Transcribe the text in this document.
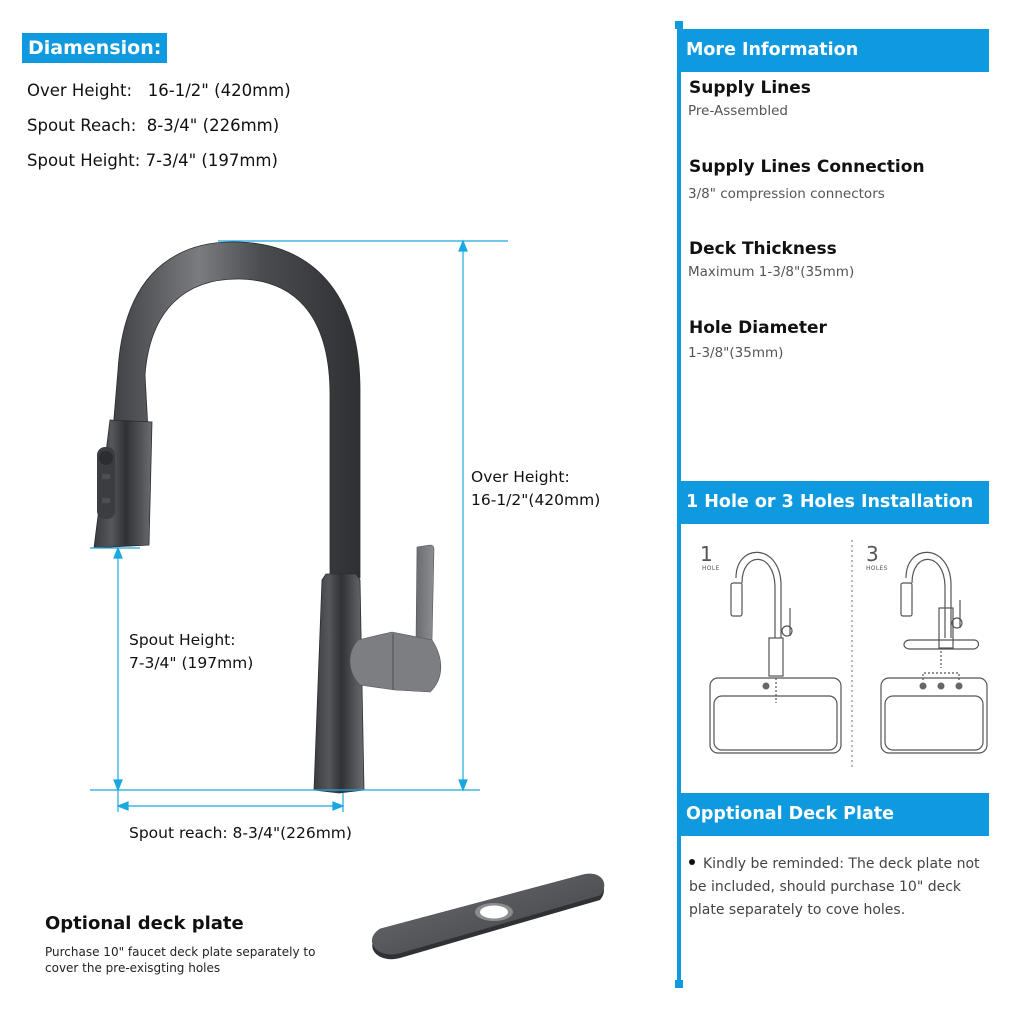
Diamension:
Over Height: 16-1/2" (420mm)
Spout Reach: 8-3/4" (226mm)
Spout Height: 7-3/4" (197mm)
Over Height:
16-1/2"(420mm)
Spout Height:
7-3/4" (197mm)
Spout reach: 8-3/4"(226mm)
Optional deck plate
Purchase 10" faucet deck plate separately to cover the pre-exisgting holes
More Information
Supply Lines
Pre-Assembled
Supply Lines Connection
3/8" compression connectors
Deck Thickness
Maximum 1-3/8"(35mm)
Hole Diameter
1-3/8"(35mm)
1 Hole or 3 Holes Installation
1
HOLE
3
HOLES
Opptional Deck Plate
Kindly be reminded: The deck plate not be included, should purchase 10" deck plate separately to cove holes.
